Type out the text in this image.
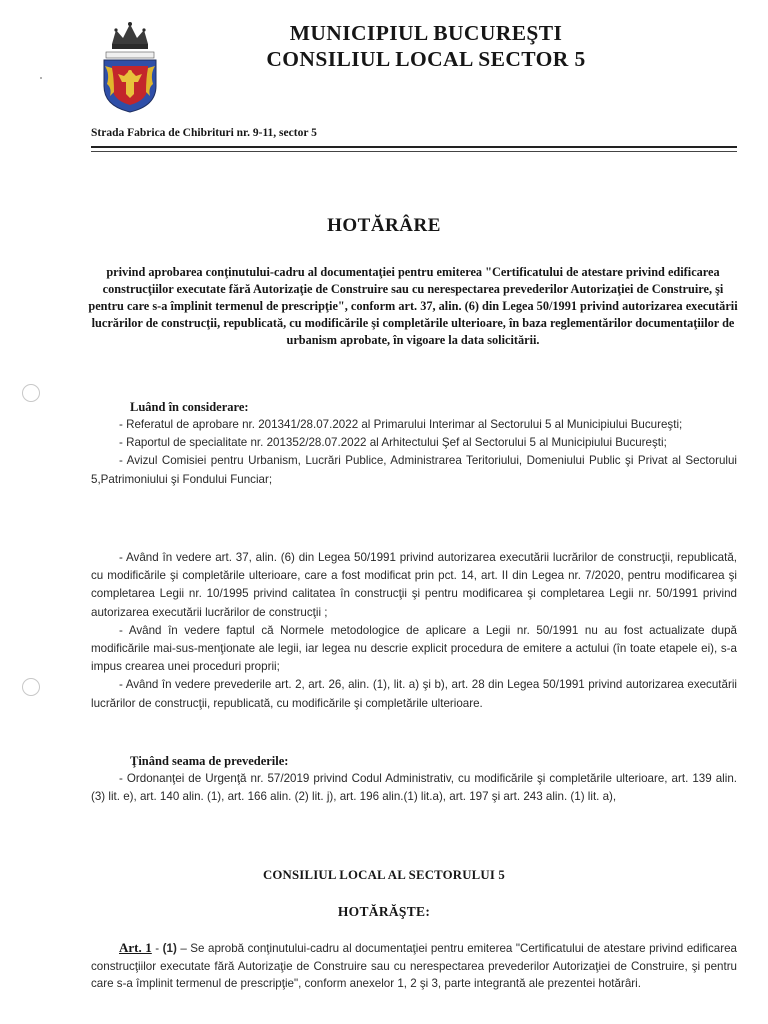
MUNICIPIUL BUCUREŞTI
CONSILIUL LOCAL SECTOR 5
Strada Fabrica de Chibrituri nr. 9-11, sector 5
HOTĂRÂRE
privind aprobarea conţinutului-cadru al documentaţiei pentru emiterea "Certificatului de atestare privind edificarea construcţiilor executate fără Autorizaţie de Construire sau cu nerespectarea prevederilor Autorizaţiei de Construire, şi pentru care s-a împlinit termenul de prescripţie", conform art. 37, alin. (6) din Legea 50/1991 privind autorizarea executării lucrărilor de construcţii, republicată, cu modificările şi completările ulterioare, în baza reglementărilor documentaţiilor de urbanism aprobate, în vigoare la data solicitării.
Luând în considerare:

- Referatul de aprobare nr. 201341/28.07.2022 al Primarului Interimar al Sectorului 5 al Municipiului Bucureşti;

- Raportul de specialitate nr. 201352/28.07.2022 al Arhitectului Şef al Sectorului 5 al Municipiului Bucureşti;

- Avizul Comisiei pentru Urbanism, Lucrări Publice, Administrarea Teritoriului, Domeniului Public şi Privat al Sectorului 5,Patrimoniului şi Fondului Funciar;

- Având în vedere art. 37, alin. (6) din Legea 50/1991 privind autorizarea executării lucrărilor de construcţii, republicată, cu modificările şi completările ulterioare, care a fost modificat prin pct. 14, art. II din Legea nr. 7/2020, pentru modificarea şi completarea Legii nr. 10/1995 privind calitatea în construcţii şi pentru modificarea şi completarea Legii nr. 50/1991 privind autorizarea executării lucrărilor de construcţii ;

- Având în vedere faptul că Normele metodologice de aplicare a Legii nr. 50/1991 nu au fost actualizate după modificările mai-sus-menţionate ale legii, iar legea nu descrie explicit procedura de emitere a actului (în toate etapele ei), s-a impus crearea unei proceduri proprii;

- Având în vedere prevederile art. 2, art. 26, alin. (1), lit. a) şi b), art. 28 din Legea 50/1991 privind autorizarea executării lucrărilor de construcţii, republicată, cu modificările şi completările ulterioare.

Ţinând seama de prevederile:

- Ordonanţei de Urgenţă nr. 57/2019 privind Codul Administrativ, cu modificările şi completările ulterioare, art. 139 alin. (3) lit. e), art. 140 alin. (1), art. 166 alin. (2) lit. j), art. 196 alin.(1) lit.a), art. 197 şi art. 243 alin. (1) lit. a),

CONSILIUL LOCAL AL SECTORULUI 5
HOTĂRĂŞTE:

Art. 1 - (1) – Se aprobă conţinutului-cadru al documentaţiei pentru emiterea "Certificatului de atestare privind edificarea construcţiilor executate fără Autorizaţie de Construire sau cu nerespectarea prevederilor Autorizaţiei de Construire, şi pentru care s-a împlinit termenul de prescripţie", conform anexelor 1, 2 şi 3, parte integrantă ale prezentei hotărâri.
